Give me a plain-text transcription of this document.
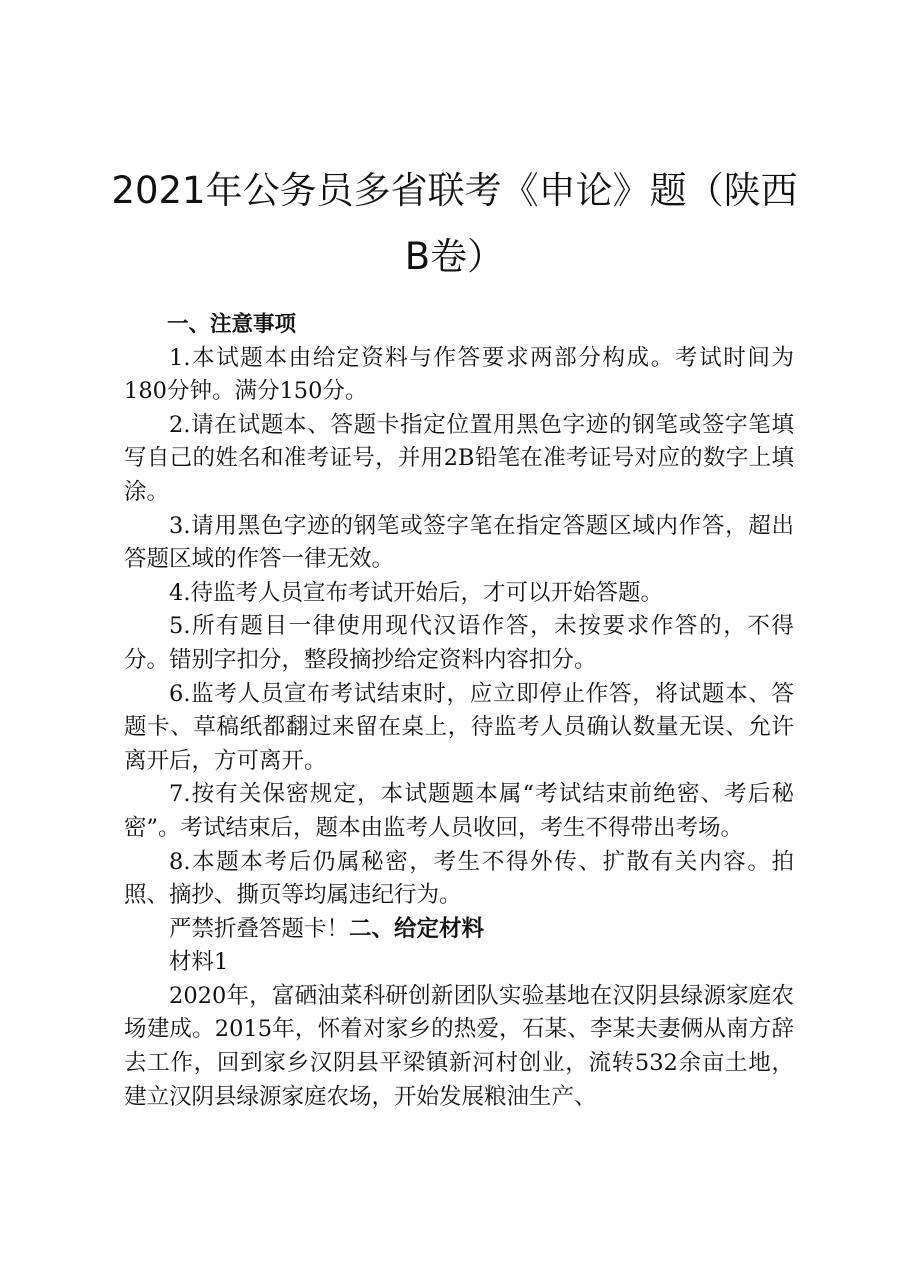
2021年公务员多省联考《申论》题（陕西B卷）

一、注意事项

1.本试题本由给定资料与作答要求两部分构成。考试时间为180分钟。满分150分。

2.请在试题本、答题卡指定位置用黑色字迹的钢笔或签字笔填写自己的姓名和准考证号，并用2B铅笔在准考证号对应的数字上填涂。

3.请用黑色字迹的钢笔或签字笔在指定答题区域内作答，超出答题区域的作答一律无效。

4.待监考人员宣布考试开始后，才可以开始答题。

5.所有题目一律使用现代汉语作答，未按要求作答的，不得分。错别字扣分，整段摘抄给定资料内容扣分。

6.监考人员宣布考试结束时，应立即停止作答，将试题本、答题卡、草稿纸都翻过来留在桌上，待监考人员确认数量无误、允许离开后，方可离开。

7.按有关保密规定，本试题题本属“考试结束前绝密、考后秘密”。考试结束后，题本由监考人员收回，考生不得带出考场。

8.本题本考后仍属秘密，考生不得外传、扩散有关内容。拍照、摘抄、撕页等均属违纪行为。

严禁折叠答题卡！二、给定材料

材料1

2020年，富硒油菜科研创新团队实验基地在汉阴县绿源家庭农场建成。2015年，怀着对家乡的热爱，石某、李某夫妻俩从南方辞去工作，回到家乡汉阴县平梁镇新河村创业，流转532余亩土地，建立汉阴县绿源家庭农场，开始发展粮油生产、
